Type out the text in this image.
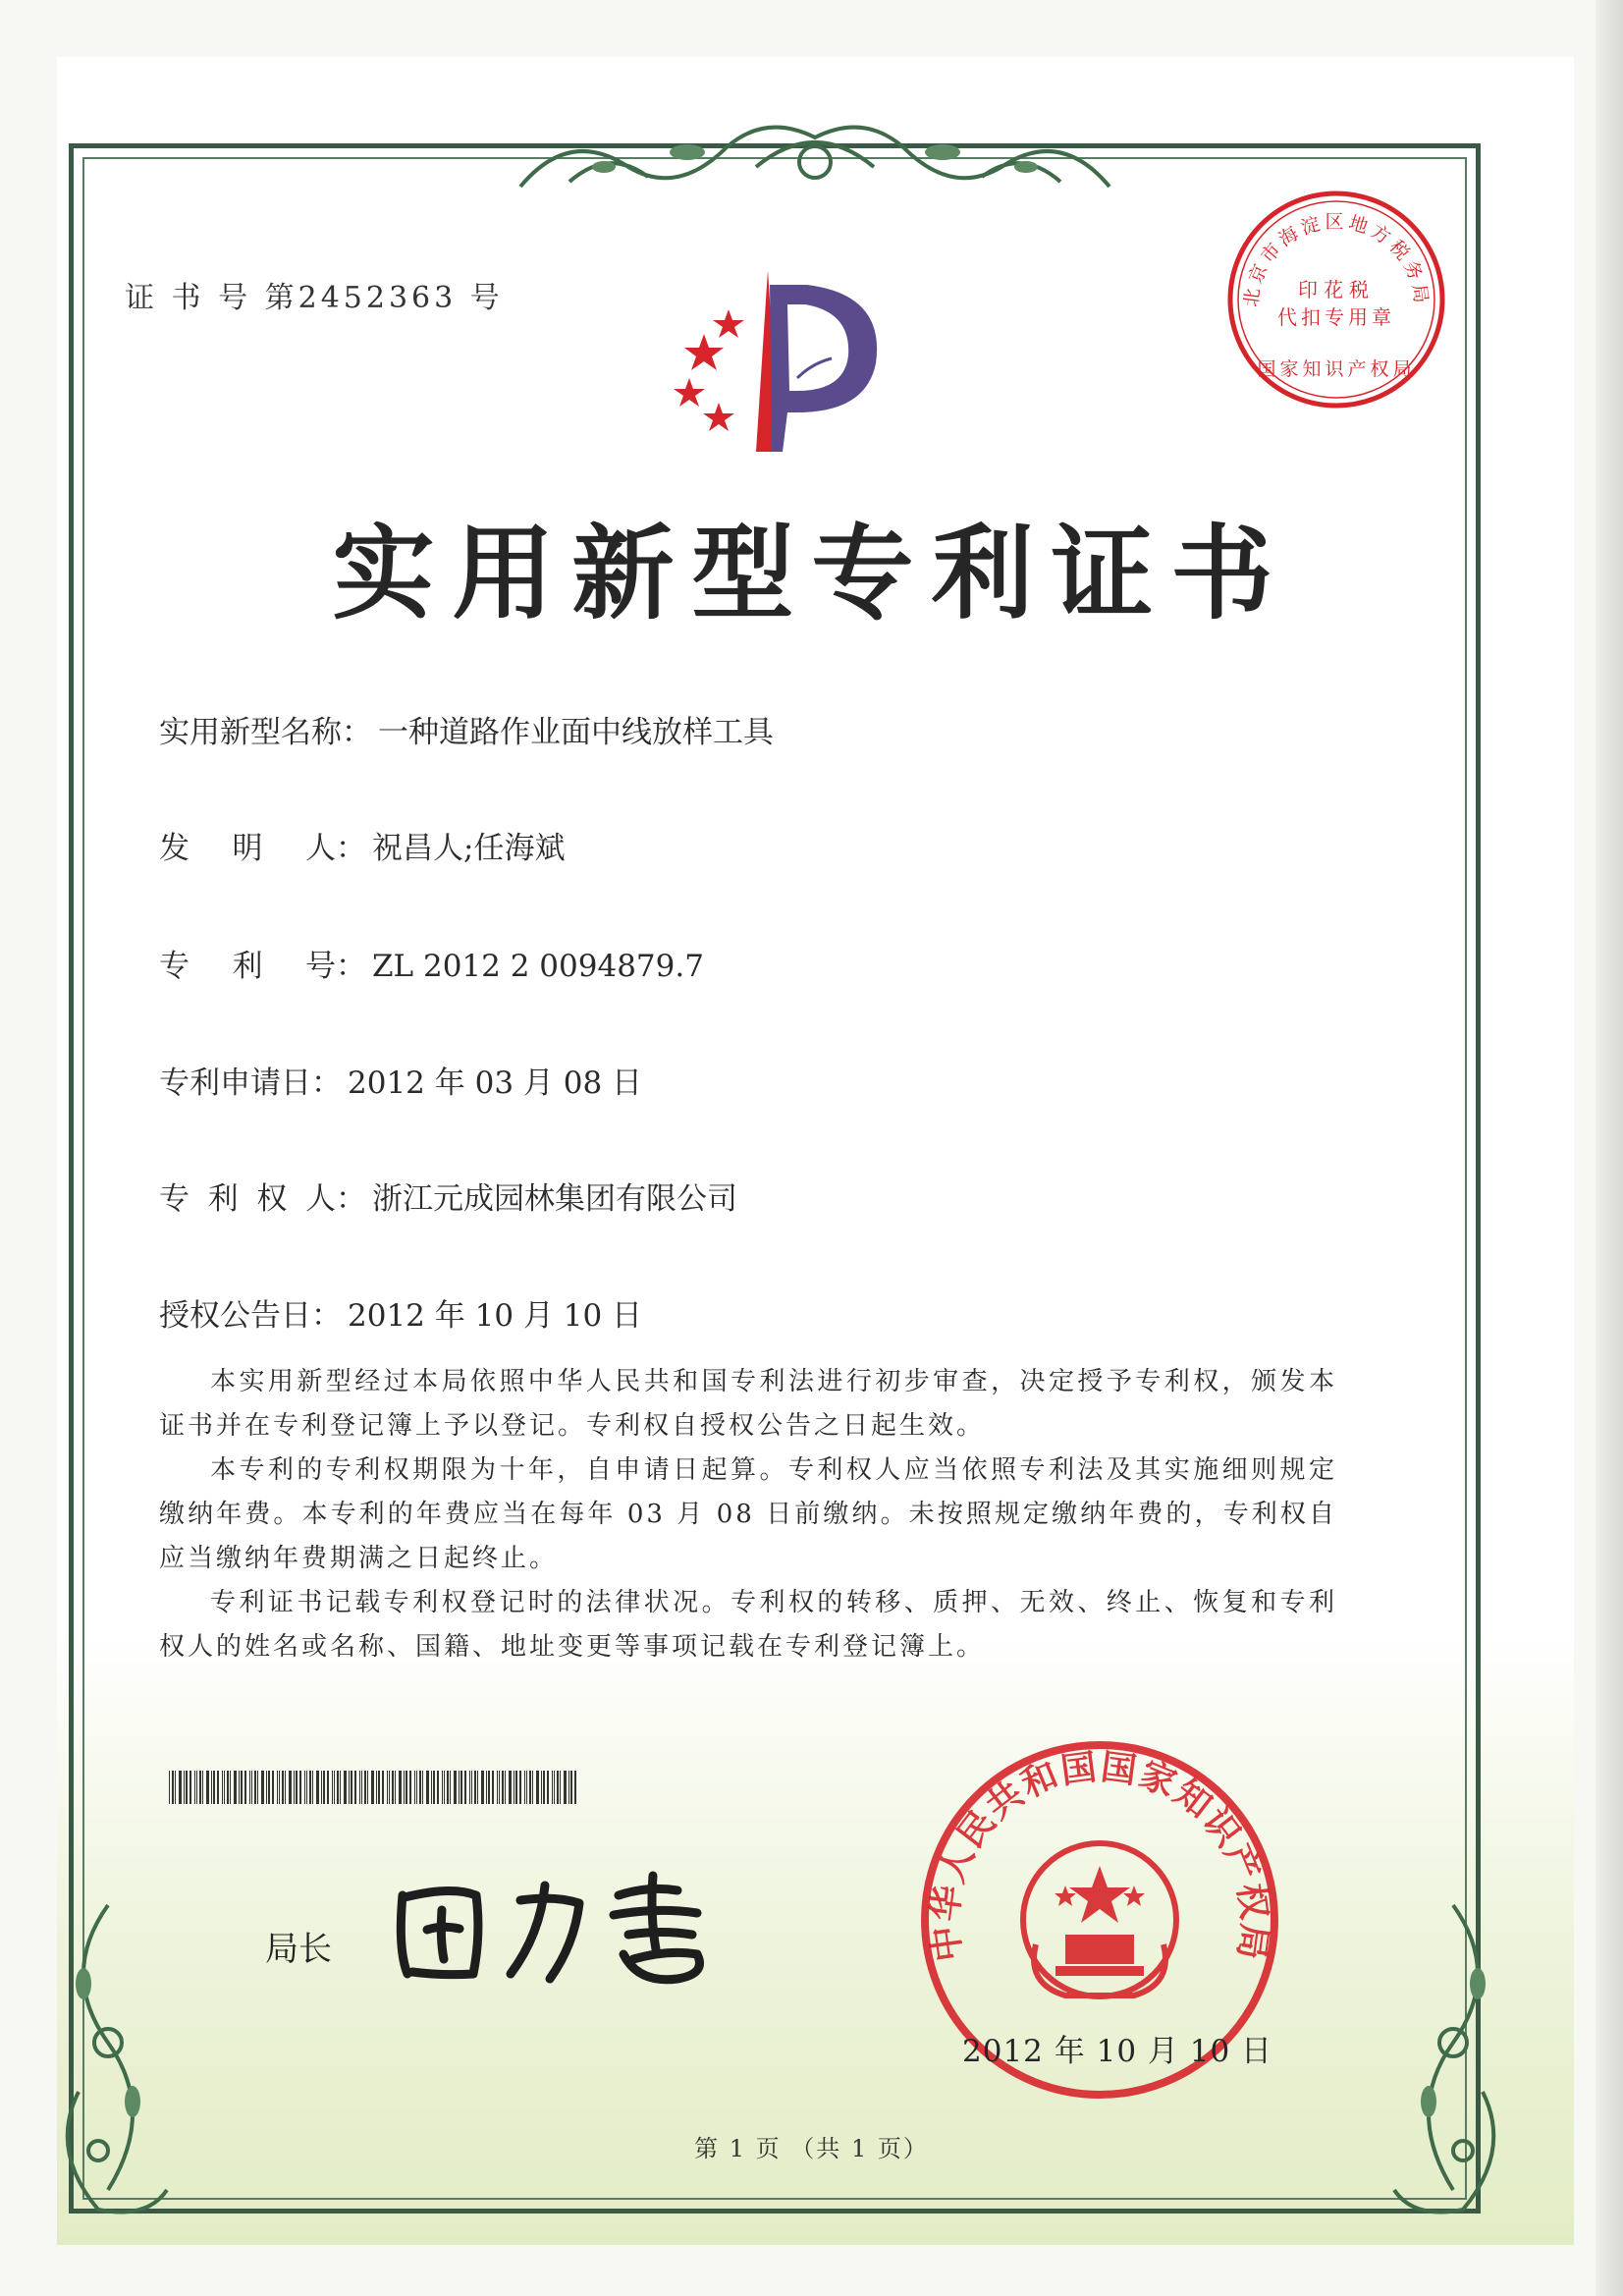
证 书 号 第2452363 号	北京市海淀区地方税务局
印花税
代扣专用章
国家知识产权局
实用新型专利证书
实用新型名称： 一种道路作业面中线放样工具
发 明 人 ： 祝昌人;任海斌
专 利 号 ： ZL 2012 2 0094879.7
专利申请日： 2012 年 03 月 08 日
专 利 权 人 ： 浙江元成园林集团有限公司
授权公告日： 2012 年 10 月 10 日

本实用新型经过本局依照中华人民共和国专利法进行初步审查，决定授予专利权，颁发本证书并在专利登记簿上予以登记。专利权自授权公告之日起生效。

本专利的专利权期限为十年，自申请日起算。专利权人应当依照专利法及其实施细则规定缴纳年费。本专利的年费应当在每年 03 月 08 日前缴纳。未按照规定缴纳年费的，专利权自应当缴纳年费期满之日起终止。

专利证书记载专利权登记时的法律状况。专利权的转移、质押、无效、终止、恢复和专利权人的姓名或名称、国籍、地址变更等事项记载在专利登记簿上。

局长	中华人民共和国国家知识产权局
2012 年 10 月 10 日
第 1 页 （共 1 页）
